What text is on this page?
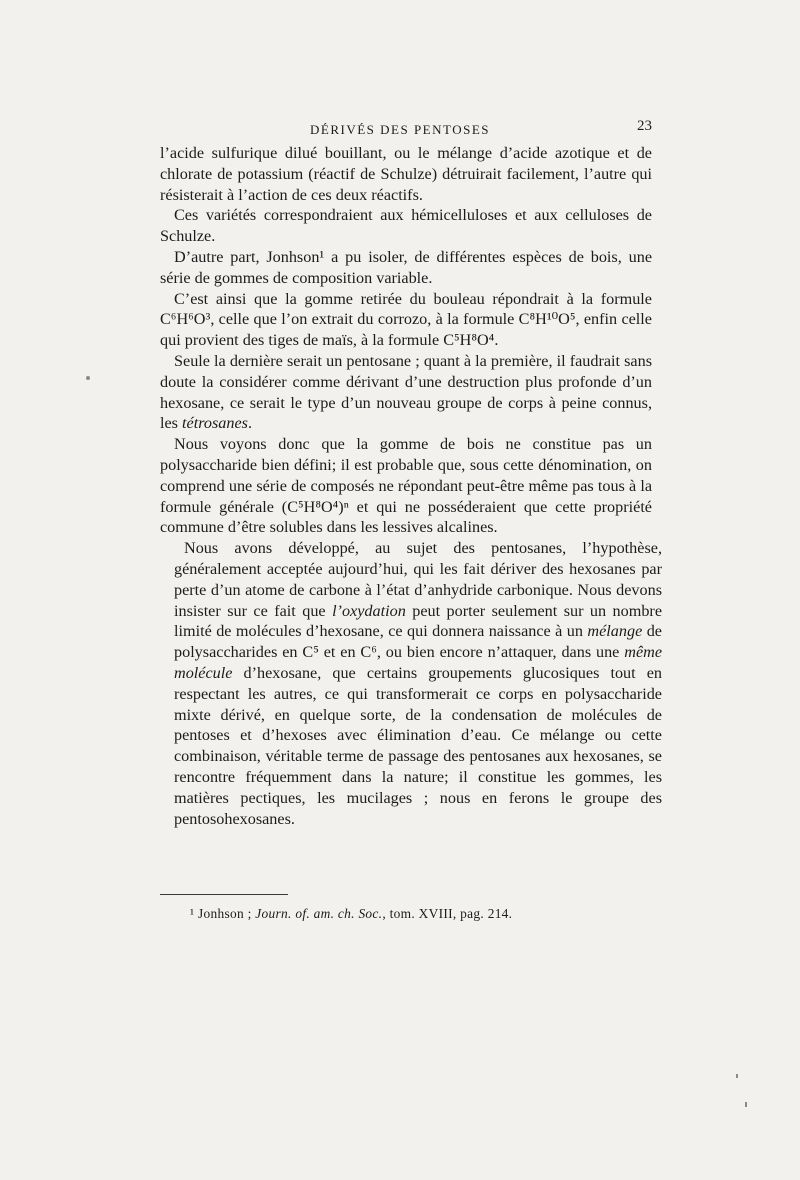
DÉRIVÉS DES PENTOSES	23

l’acide sulfurique dilué bouillant, ou le mélange d’acide azotique et de chlorate de potassium (réactif de Schulze) détruirait facilement, l’autre qui résisterait à l’action de ces deux réactifs.

Ces variétés correspondraient aux hémicelluloses et aux celluloses de Schulze.

D’autre part, Jonhson¹ a pu isoler, de différentes espèces de bois, une série de gommes de composition variable.

C’est ainsi que la gomme retirée du bouleau répondrait à la formule C⁶H⁶O³, celle que l’on extrait du corrozo, à la formule C⁸H¹⁰O⁵, enfin celle qui provient des tiges de maïs, à la formule C⁵H⁸O⁴.

Seule la dernière serait un pentosane ; quant à la première, il faudrait sans doute la considérer comme dérivant d’une destruction plus profonde d’un hexosane, ce serait le type d’un nouveau groupe de corps à peine connus, les tétrosanes.

Nous voyons donc que la gomme de bois ne constitue pas un polysaccharide bien défini; il est probable que, sous cette dénomination, on comprend une série de composés ne répondant peut-être même pas tous à la formule générale (C⁵H⁸O⁴)ⁿ et qui ne posséderaient que cette propriété commune d’être solubles dans les lessives alcalines.

Nous avons développé, au sujet des pentosanes, l’hypothèse, généralement acceptée aujourd’hui, qui les fait dériver des hexosanes par perte d’un atome de carbone à l’état d’anhydride carbonique. Nous devons insister sur ce fait que l’oxydation peut porter seulement sur un nombre limité de molécules d’hexosane, ce qui donnera naissance à un mélange de polysaccharides en C⁵ et en C⁶, ou bien encore n’attaquer, dans une même molécule d’hexosane, que certains groupements glucosiques tout en respectant les autres, ce qui transformerait ce corps en polysaccharide mixte dérivé, en quelque sorte, de la condensation de molécules de pentoses et d’hexoses avec élimination d’eau. Ce mélange ou cette combinaison, véritable terme de passage des pentosanes aux hexosanes, se rencontre fréquemment dans la nature; il constitue les gommes, les matières pectiques, les mucilages ; nous en ferons le groupe des pentosohexosanes.

¹ Jonhson ; Journ. of. am. ch. Soc., tom. XVIII, pag. 214.
